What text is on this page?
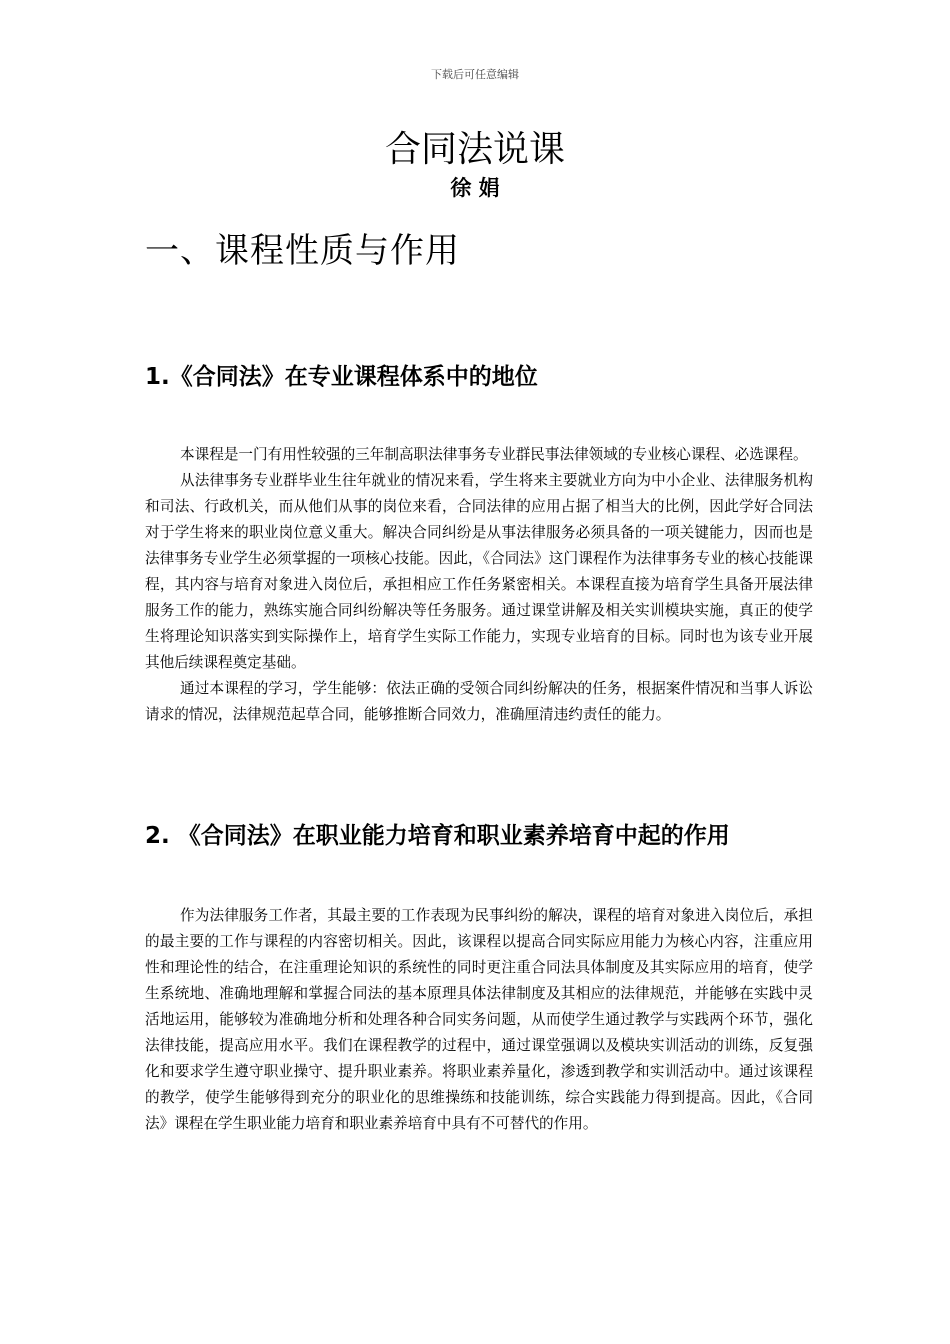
下载后可任意编辑
合同法说课
徐 娟
一、课程性质与作用
1.《合同法》在专业课程体系中的地位

本课程是一门有用性较强的三年制高职法律事务专业群民事法律领域的专业核心课程、必选课程。

从法律事务专业群毕业生往年就业的情况来看，学生将来主要就业方向为中小企业、法律服务机构和司法、行政机关，而从他们从事的岗位来看，合同法律的应用占据了相当大的比例，因此学好合同法对于学生将来的职业岗位意义重大。解决合同纠纷是从事法律服务必须具备的一项关键能力，因而也是法律事务专业学生必须掌握的一项核心技能。因此，《合同法》这门课程作为法律事务专业的核心技能课程，其内容与培育对象进入岗位后，承担相应工作任务紧密相关。本课程直接为培育学生具备开展法律服务工作的能力，熟练实施合同纠纷解决等任务服务。通过课堂讲解及相关实训模块实施，真正的使学生将理论知识落实到实际操作上，培育学生实际工作能力，实现专业培育的目标。同时也为该专业开展其他后续课程奠定基础。

通过本课程的学习，学生能够：依法正确的受领合同纠纷解决的任务，根据案件情况和当事人诉讼请求的情况，法律规范起草合同，能够推断合同效力，准确厘清违约责任的能力。

2. 《合同法》在职业能力培育和职业素养培育中起的作用

作为法律服务工作者，其最主要的工作表现为民事纠纷的解决，课程的培育对象进入岗位后，承担的最主要的工作与课程的内容密切相关。因此，该课程以提高合同实际应用能力为核心内容，注重应用性和理论性的结合，在注重理论知识的系统性的同时更注重合同法具体制度及其实际应用的培育，使学生系统地、准确地理解和掌握合同法的基本原理具体法律制度及其相应的法律规范，并能够在实践中灵活地运用，能够较为准确地分析和处理各种合同实务问题，从而使学生通过教学与实践两个环节，强化法律技能，提高应用水平。我们在课程教学的过程中，通过课堂强调以及模块实训活动的训练，反复强化和要求学生遵守职业操守、提升职业素养。将职业素养量化，渗透到教学和实训活动中。通过该课程的教学，使学生能够得到充分的职业化的思维操练和技能训练，综合实践能力得到提高。因此，《合同法》课程在学生职业能力培育和职业素养培育中具有不可替代的作用。
